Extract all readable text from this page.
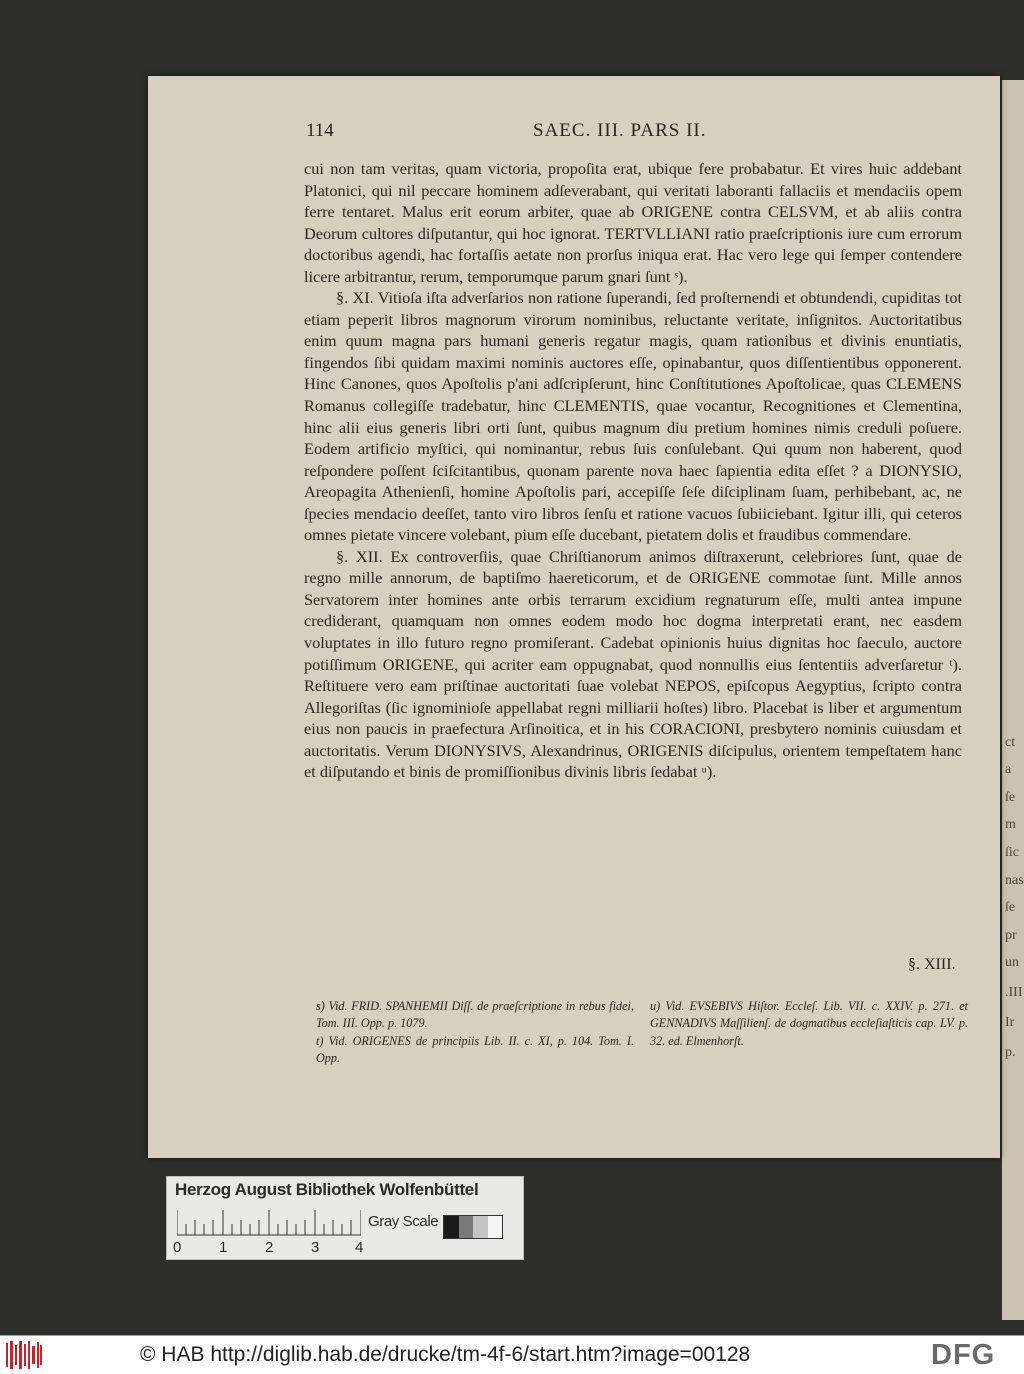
ct
a
ſe
m
ſic
nas
ſe
pr
un
.III
Ir
p.
114	SAEC. III. PARS II.

cui non tam veritas, quam victoria, propoſita erat, ubique fere probabatur. Et vires huic addebant Platonici, qui nil peccare hominem adſeverabant, qui veritati laboranti fallaciis et mendaciis opem ferre tentaret. Malus erit eorum arbiter, quae ab ORIGENE contra CELSVM, et ab aliis contra Deorum cultores diſputantur, qui hoc ignorat. TERTVLLIANI ratio praeſcriptionis iure cum errorum doctoribus agendi, hac fortaſſis aetate non prorſus iniqua erat. Hac vero lege qui ſemper contendere licere arbitrantur, rerum, temporumque parum gnari ſunt ˢ).

§. XI. Vitioſa iſta adverſarios non ratione ſuperandi, ſed proſternendi et obtundendi, cupiditas tot etiam peperit libros magnorum virorum nominibus, reluctante veritate, inſignitos. Auctoritatibus enim quum magna pars humani generis regatur magis, quam rationibus et divinis enuntiatis, fingendos ſibi quidam maximi nominis auctores eſſe, opinabantur, quos diſſentientibus opponerent. Hinc Canones, quos Apoſtolis p'ani adſcripſerunt, hinc Conſtitutiones Apoſtolicae, quas CLEMENS Romanus collegiſſe tradebatur, hinc CLEMENTIS, quae vocantur, Recognitiones et Clementina, hinc alii eius generis libri orti ſunt, quibus magnum diu pretium homines nimis creduli poſuere. Eodem artificio myſtici, qui nominantur, rebus ſuis conſulebant. Qui quum non haberent, quod reſpondere poſſent ſciſcitantibus, quonam parente nova haec ſapientia edita eſſet ? a DIONYSIO, Areopagita Athenienſi, homine Apoſtolis pari, accepiſſe ſeſe diſciplinam ſuam, perhibebant, ac, ne ſpecies mendacio deeſſet, tanto viro libros ſenſu et ratione vacuos ſubiiciebant. Igitur illi, qui ceteros omnes pietate vincere volebant, pium eſſe ducebant, pietatem dolis et fraudibus commendare.

§. XII. Ex controverſiis, quae Chriſtianorum animos diſtraxerunt, celebriores ſunt, quae de regno mille annorum, de baptiſmo haereticorum, et de ORIGENE commotae ſunt. Mille annos Servatorem inter homines ante orbis terrarum excidium regnaturum eſſe, multi antea impune crediderant, quamquam non omnes eodem modo hoc dogma interpretati erant, nec easdem voluptates in illo futuro regno promiſerant. Cadebat opinionis huius dignitas hoc ſaeculo, auctore potiſſimum ORIGENE, qui acriter eam oppugnabat, quod nonnullis eius ſententiis adverſaretur ᵗ). Reſtituere vero eam priſtinae auctoritati ſuae volebat NEPOS, epiſcopus Aegyptius, ſcripto contra Allegoriſtas (ſic ignominioſe appellabat regni milliarii hoſtes) libro. Placebat is liber et argumentum eius non paucis in praefectura Arſinoitica, et in his CORACIONI, presbytero nominis cuiusdam et auctoritatis. Verum DIONYSIVS, Alexandrinus, ORIGENIS diſcipulus, orientem tempeſtatem hanc et diſputando et binis de promiſſionibus divinis libris ſedabat ᵘ).

§. XIII.

s) Vid. FRID. SPANHEMII Diſſ. de praeſcriptione in rebus fidei, Tom. III. Opp. p. 1079.

t) Vid. ORIGENES de principiis Lib. II. c. XI, p. 104. Tom. I. Opp.

u) Vid. EVSEBIVS Hiſtor. Eccleſ. Lib. VII. c. XXIV. p. 271. et GENNADIVS Maſſilienſ. de dogmatibus eccleſiaſticis cap. LV. p. 32. ed. Elmenhorſt.

Herzog August Bibliothek Wolfenbüttel
0	1	2	3 4
Gray Scale
© HAB http://diglib.hab.de/drucke/tm-4f-6/start.htm?image=00128	DFG
